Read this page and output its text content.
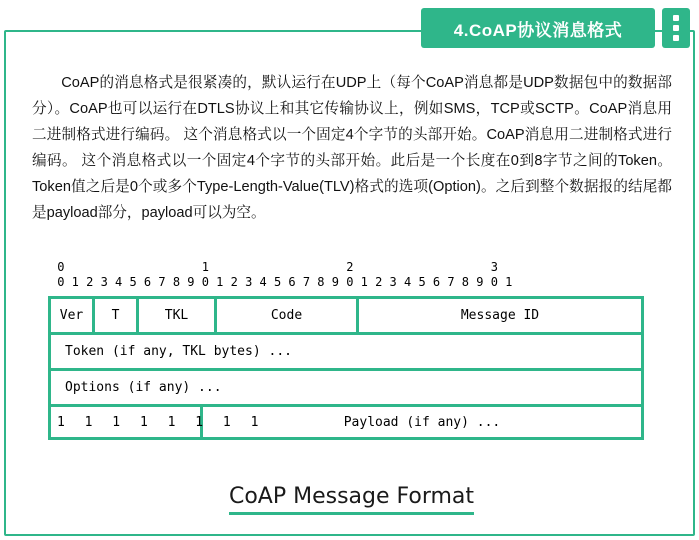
CoAP的消息格式是很紧凑的，默认运行在UDP上（每个CoAP消息都是UDP数据包中的数据部分）。CoAP也可以运行在DTLS协议上和其它传输协议上，例如SMS，TCP或SCTP。CoAP消息用二进制格式进行编码。 这个消息格式以一个固定4个字节的头部开始。CoAP消息用二进制格式进行编码。 这个消息格式以一个固定4个字节的头部开始。此后是一个长度在0到8字节之间的Token。Token值之后是0个或多个Type-Length-Value(TLV)格式的选项(Option)。之后到整个数据报的结尾都是payload部分，payload可以为空。
0                   1                   2                   3
0 1 2 3 4 5 6 7 8 9 0 1 2 3 4 5 6 7 8 9 0 1 2 3 4 5 6 7 8 9 0 1
Ver	T	TKL	Code	Message ID
Token (if any, TKL bytes) ...
Options (if any) ...
1 1 1 1 1 1 1 1	Payload (if any) ...
CoAP Message Format
4.CoAP协议消息格式
